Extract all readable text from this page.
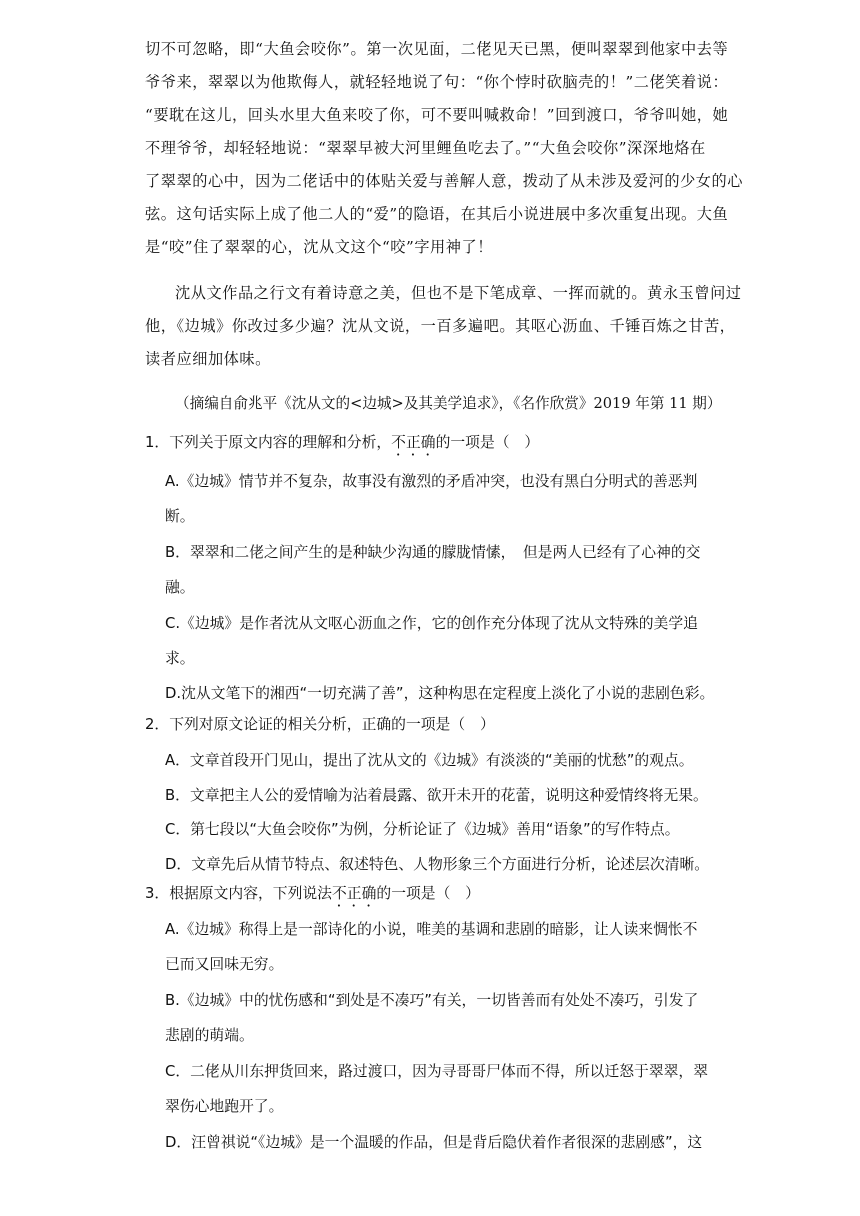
切不可忽略，即“大鱼会咬你”。第一次见面，二佬见天已黑，便叫翠翠到他家中去等
爷爷来，翠翠以为他欺侮人，就轻轻地说了句：“你个悖时砍脑壳的！”二佬笑着说：
“要耽在这儿，回头水里大鱼来咬了你，可不要叫喊救命！”回到渡口，爷爷叫她，她
不理爷爷，却轻轻地说：“翠翠早被大河里鲤鱼吃去了。”“大鱼会咬你”深深地烙在
了翠翠的心中，因为二佬话中的体贴关爱与善解人意，拨动了从未涉及爱河的少女的心
弦。这句话实际上成了他二人的“爱”的隐语，在其后小说进展中多次重复出现。大鱼
是“咬”住了翠翠的心，沈从文这个“咬”字用神了！
沈从文作品之行文有着诗意之美，但也不是下笔成章、一挥而就的。黄永玉曾问过
他，《边城》你改过多少遍？沈从文说，一百多遍吧。其呕心沥血、千锤百炼之甘苦，
读者应细加体味。
（摘编自俞兆平《沈从文的<边城>及其美学追求》，《名作欣赏》2019 年第 11 期）
1．下列关于原文内容的理解和分析，不正确的一项是（　）
A.《边城》情节并不复杂，故事没有激烈的矛盾冲突，也没有黑白分明式的善恶判
断。
B．翠翠和二佬之间产生的是种缺少沟通的朦胧情愫，　但是两人已经有了心神的交
融。
C.《边城》是作者沈从文呕心沥血之作，它的创作充分体现了沈从文特殊的美学追
求。
D.沈从文笔下的湘西“一切充满了善”，这种构思在定程度上淡化了小说的悲剧色彩。
2．下列对原文论证的相关分析，正确的一项是（　）
A．文章首段开门见山，提出了沈从文的《边城》有淡淡的“美丽的忧愁”的观点。
B．文章把主人公的爱情喻为沾着晨露、欲开未开的花蕾，说明这种爱情终将无果。
C．第七段以“大鱼会咬你”为例，分析论证了《边城》善用“语象”的写作特点。
D．文章先后从情节特点、叙述特色、人物形象三个方面进行分析，论述层次清晰。
3．根据原文内容，下列说法不正确的一项是（　）
A.《边城》称得上是一部诗化的小说，唯美的基调和悲剧的暗影，让人读来惆怅不
已而又回味无穷。
B.《边城》中的忧伤感和“到处是不凑巧”有关，一切皆善而有处处不凑巧，引发了
悲剧的萌端。
C．二佬从川东押货回来，路过渡口，因为寻哥哥尸体而不得，所以迁怒于翠翠，翠
翠伤心地跑开了。
D．汪曾祺说“《边城》是一个温暖的作品，但是背后隐伏着作者很深的悲剧感”，这
